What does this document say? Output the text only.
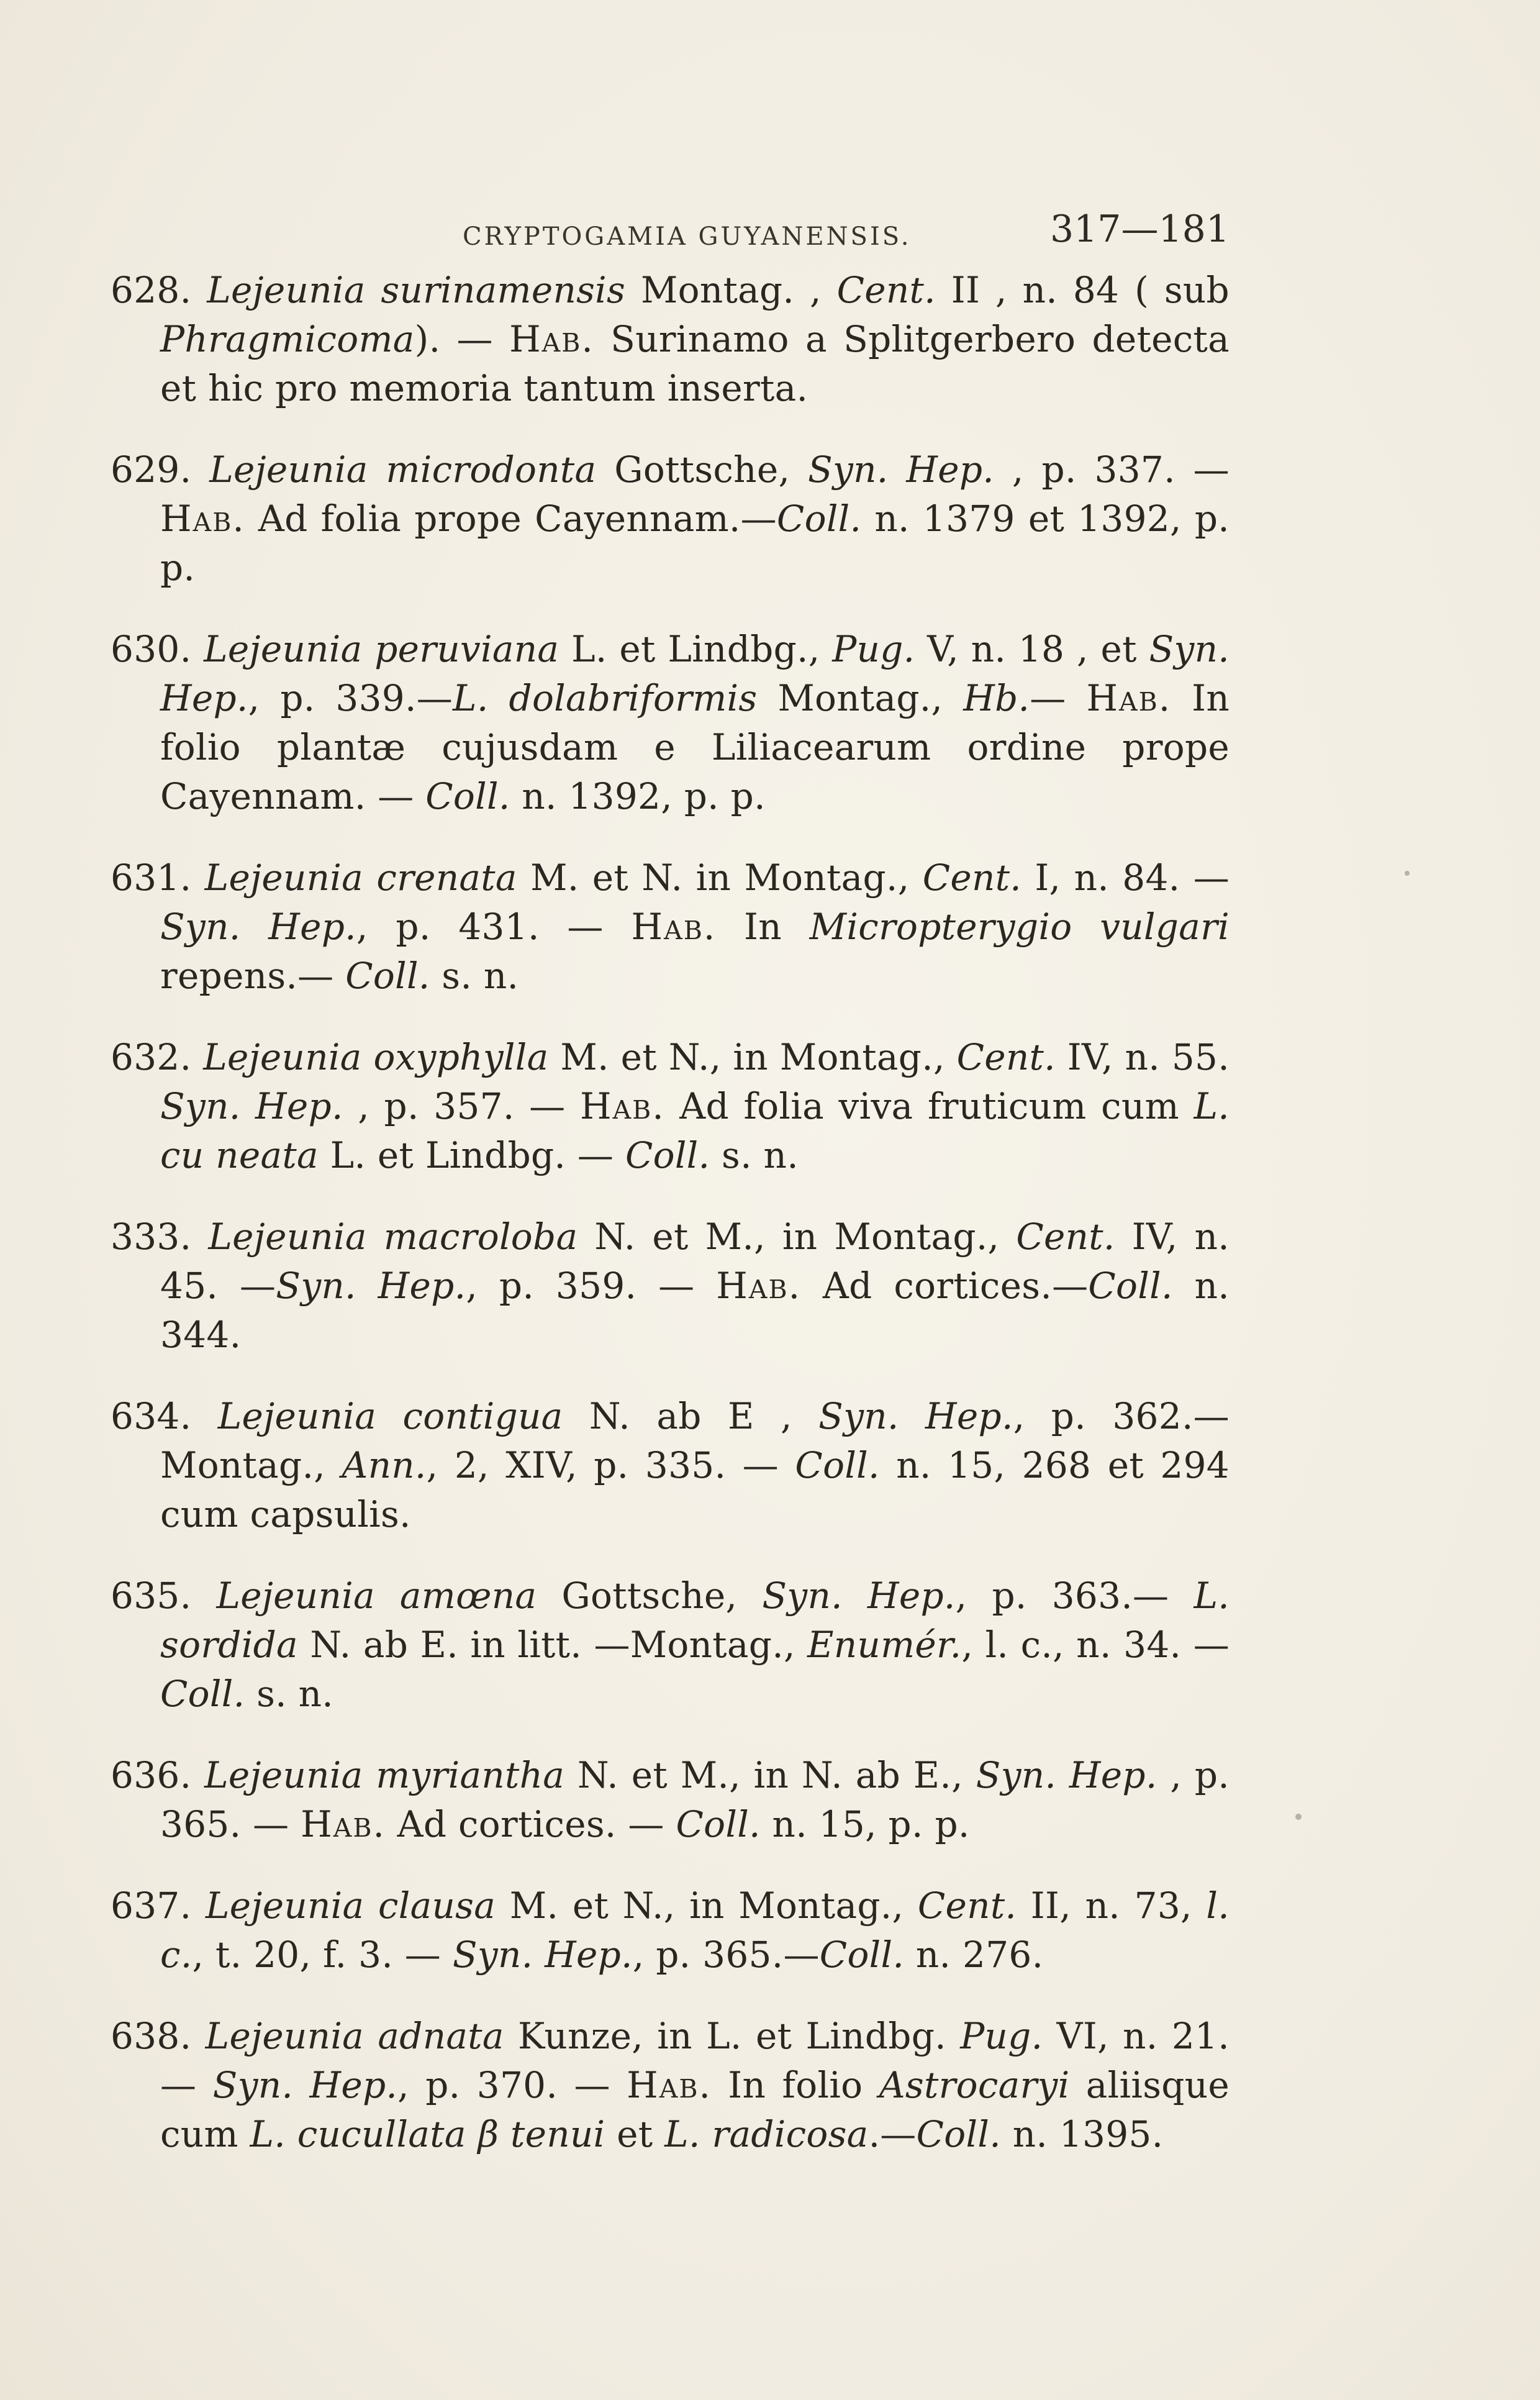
CRYPTOGAMIA GUYANENSIS.	317—181

628. Lejeunia surinamensis Montag. , Cent. II , n. 84 ( sub Phragmicoma). — Hab. Surinamo a Splitgerbero detecta et hic pro memoria tantum inserta.

629. Lejeunia microdonta Gottsche, Syn. Hep. , p. 337. — Hab. Ad folia prope Cayennam.—Coll. n. 1379 et 1392, p. p.

630. Lejeunia peruviana L. et Lindbg., Pug. V, n. 18 , et Syn. Hep., p. 339.—L. dolabriformis Montag., Hb.— Hab. In folio plantæ cujusdam e Liliacearum ordine prope Cayennam. — Coll. n. 1392, p. p.

631. Lejeunia crenata M. et N. in Montag., Cent. I, n. 84. — Syn. Hep., p. 431. — Hab. In Micropterygio vulgari repens.— Coll. s. n.

632. Lejeunia oxyphylla M. et N., in Montag., Cent. IV, n. 55. Syn. Hep. , p. 357. — Hab. Ad folia viva fruticum cum L. cu neata L. et Lindbg. — Coll. s. n.

333. Lejeunia macroloba N. et M., in Montag., Cent. IV, n. 45. —Syn. Hep., p. 359. — Hab. Ad cortices.—Coll. n. 344.

634. Lejeunia contigua N. ab E , Syn. Hep., p. 362.—Montag., Ann., 2, XIV, p. 335. — Coll. n. 15, 268 et 294 cum capsulis.

635. Lejeunia amœna Gottsche, Syn. Hep., p. 363.— L. sordida N. ab E. in litt. —Montag., Enumér., l. c., n. 34. — Coll. s. n.

636. Lejeunia myriantha N. et M., in N. ab E., Syn. Hep. , p. 365. — Hab. Ad cortices. — Coll. n. 15, p. p.

637. Lejeunia clausa M. et N., in Montag., Cent. II, n. 73, l. c., t. 20, f. 3. — Syn. Hep., p. 365.—Coll. n. 276.

638. Lejeunia adnata Kunze, in L. et Lindbg. Pug. VI, n. 21.— Syn. Hep., p. 370. — Hab. In folio Astrocaryi aliisque cum L. cucullata β tenui et L. radicosa.—Coll. n. 1395.
